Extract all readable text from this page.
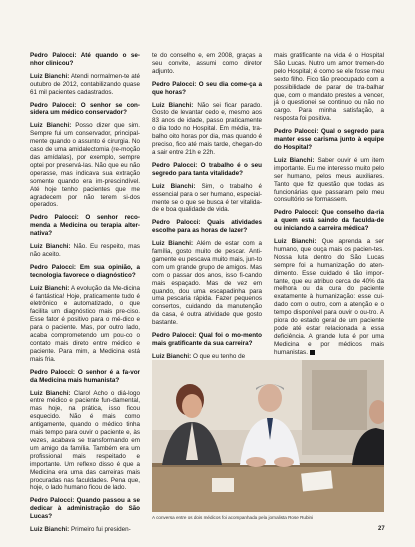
Pedro Palocci: Até quando o se-nhor clinicou?

Luiz Bianchi: Atendi normalmen-te até outubro de 2012, contabilizando quase 61 mil pacientes cadastrados.

Pedro Palocci: O senhor se con-sidera um médico conservador?

Luiz Bianchi: Posso dizer que sim. Sempre fui um conservador, principal-mente quando o assunto é cirurgia. No caso de uma amidalectomia (re-moção das amídalas), por exemplo, sempre optei por preservá-las. Não que eu não operasse, mas indicava sua extração somente quando era im-prescindível. Até hoje tenho pacientes que me agradecem por não terem si-dos operados.

Pedro Palocci: O senhor reco-menda a Medicina ou terapia alter-nativa?

Luiz Bianchi: Não. Eu respeito, mas não aceito.

Pedro Palocci: Em sua opinião, a tecnologia favorece o diagnóstico?

Luiz Bianchi: A evolução da Me-dicina é fantástica! Hoje, praticamente tudo é eletrônico e automatizado, o que facilita um diagnóstico mais pre-ciso. Esse fator é positivo para o mé-dico e para o paciente. Mas, por outro lado, acaba comprometendo um pou-co o contato mais direto entre médico e paciente. Para mim, a Medicina está mais fria.

Pedro Palocci: O senhor é a fa-vor da Medicina mais humanista?

Luiz Bianchi: Claro! Acho o diá-logo entre médico e paciente fun-damental, mas hoje, na prática, isso ficou esquecido. Não é mais como antigamente, quando o médico tinha mais tempo para ouvir o paciente e, às vezes, acabava se transformando em um amigo da família. Também era um profissional mais respeitado e importante. Um reflexo disso é que a Medicina era uma das carreiras mais procuradas nas faculdades. Pena que, hoje, o lado humano ficou de lado.

Pedro Palocci: Quando passou a se dedicar à administração do São Lucas?

Luiz Bianchi: Primeiro fui presiden-

te do conselho e, em 2008, graças a seu convite, assumi como diretor adjunto.

Pedro Palocci: O seu dia come-ça a que horas?

Luiz Bianchi: Não sei ficar parado. Gosto de levantar cedo e, mesmo aos 83 anos de idade, passo praticamente o dia todo no Hospital. Em média, tra-balho oito horas por dia, mas quando é preciso, fico até mais tarde, chegan-do a sair entre 21h e 22h.

Pedro Palocci: O trabalho é o seu segredo para tanta vitalidade?

Luiz Bianchi: Sim, o trabalho é essencial para o ser humano, especial-mente se o que se busca é ter vitalida-de e boa qualidade de vida.

Pedro Palocci: Quais atividades escolhe para as horas de lazer?

Luiz Bianchi: Além de estar com a família, gosto muito de pescar. Anti-gamente eu pescava muito mais, jun-to com um grande grupo de amigos. Mas com o passar dos anos, isso fi-cando mais espaçado. Mas de vez em quando, dou uma escapadinha para uma pescaria rápida. Fazer pequenos consertos, cuidando da manutenção da casa, é outra atividade que gosto bastante.

Pedro Palocci: Qual foi o mo-mento mais gratificante da sua carreira?

Luiz Bianchi: O que eu tenho de

mais gratificante na vida é o Hospital São Lucas. Nutro um amor tremen-do pelo Hospital; é como se ele fosse meu sexto filho. Fico tão preocupado com a possibilidade de parar de tra-balhar que, com o mandato prestes a vencer, já o questionei se continuo ou não no cargo. Para minha satisfação, a resposta foi positiva.

Pedro Palocci: Qual o segredo para manter esse carisma junto à equipe do Hospital?

Luiz Bianchi: Saber ouvir é um item importante. Eu me interesso muito pelo ser humano, pelos meus auxiliares. Tanto que fiz questão que todas as funcionárias que passaram pelo meu consultório se formassem.

Pedro Palocci: Que conselho da-ria a quem está saindo da faculda-de ou iniciando a carreira médica?

Luiz Bianchi: Que aprenda a ser humano, que ouça mais os pacien-tes. Nossa luta dentro do São Lucas sempre foi a humanização do aten-dimento. Esse cuidado é tão impor-tante, que eu atribuo cerca de 40% da melhora ou da cura do paciente exatamente à humanização: esse cui-dado com o outro, com a atenção e o tempo disponível para ouvir o ou-tro. A piora do estado geral de um paciente pode até estar relacionada a essa deficiência. A grande luta é por uma Medicina e por médicos mais humanistas.

A conversa entre os dois médicos foi acompanhada pela jornalista Rose Rubini
27
